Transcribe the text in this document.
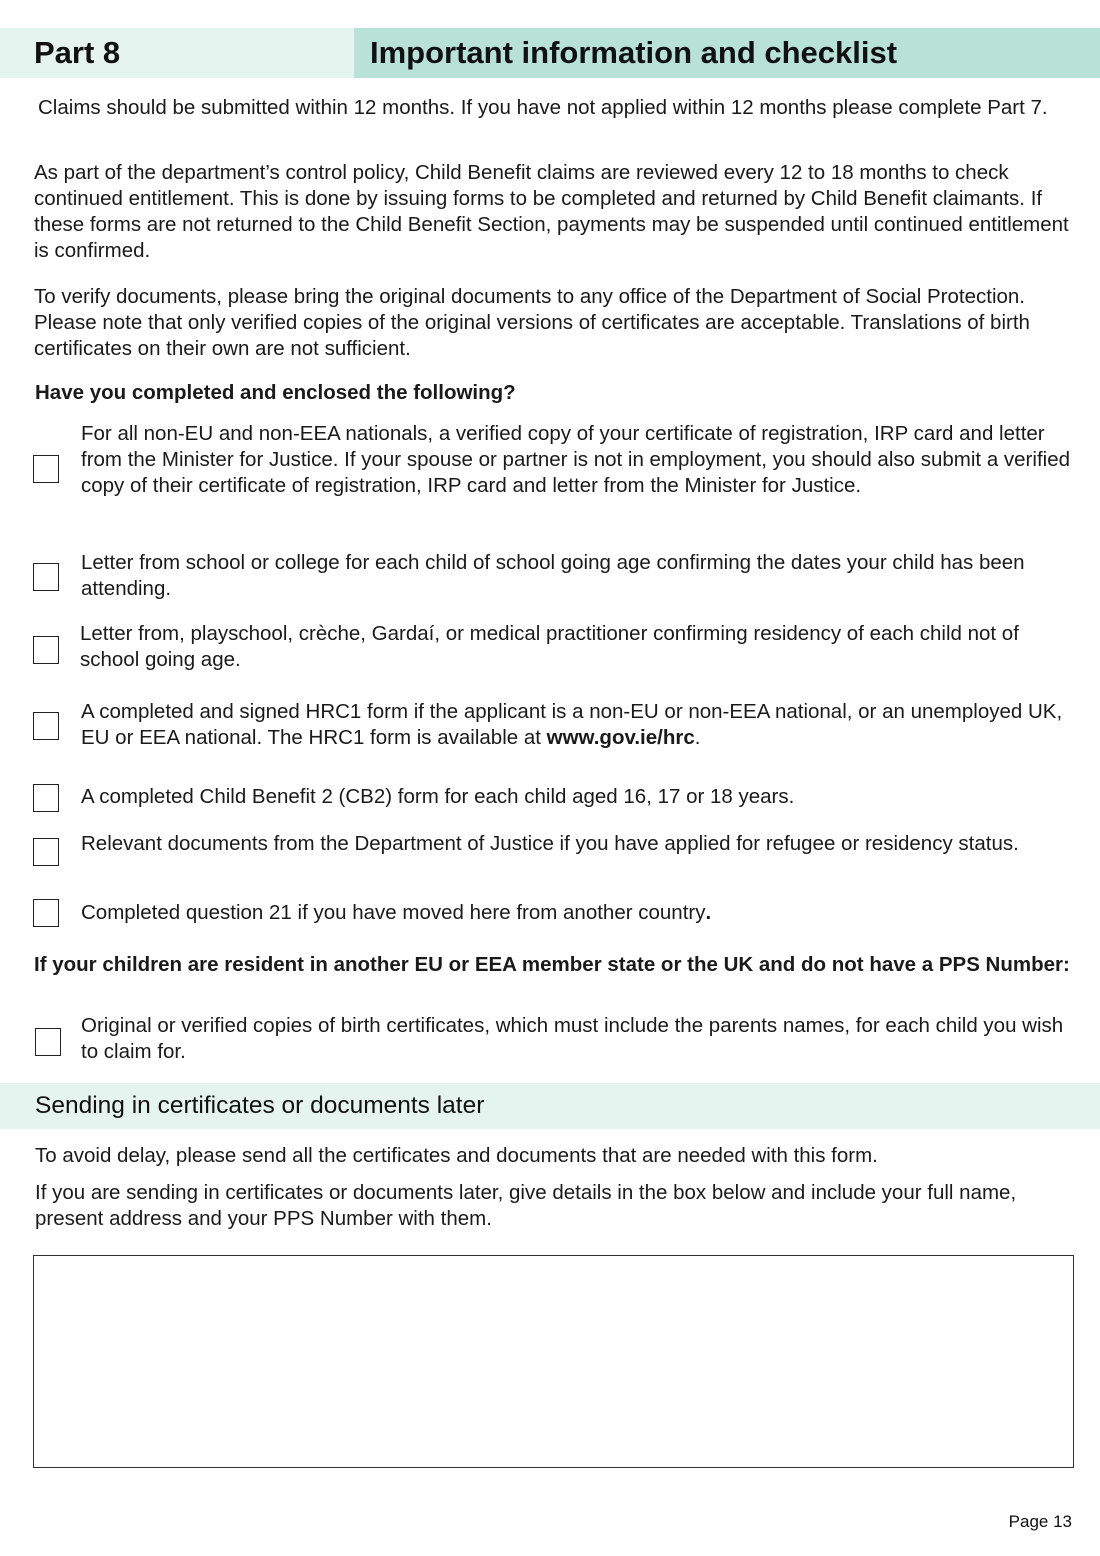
Part 8	Important information and checklist

Claims should be submitted within 12 months. If you have not applied within 12 months please complete Part 7.

As part of the department’s control policy, Child Benefit claims are reviewed every 12 to 18 months to check continued entitlement. This is done by issuing forms to be completed and returned by Child Benefit claimants. If these forms are not returned to the Child Benefit Section, payments may be suspended until continued entitlement is confirmed.

To verify documents, please bring the original documents to any office of the Department of Social Protection. Please note that only verified copies of the original versions of certificates are acceptable. Translations of birth certificates on their own are not sufficient.

Have you completed and enclosed the following?

For all non-EU and non-EEA nationals, a verified copy of your certificate of registration, IRP card and letter from the Minister for Justice. If your spouse or partner is not in employment, you should also submit a verified copy of their certificate of registration, IRP card and letter from the Minister for Justice.

Letter from school or college for each child of school going age confirming the dates your child has been attending.

Letter from, playschool, crèche, Gardaí, or medical practitioner confirming residency of each child not of school going age.

A completed and signed HRC1 form if the applicant is a non-EU or non-EEA national, or an unemployed UK, EU or EEA national. The HRC1 form is available at www.gov.ie/hrc.

A completed Child Benefit 2 (CB2) form for each child aged 16, 17 or 18 years.

Relevant documents from the Department of Justice if you have applied for refugee or residency status.

Completed question 21 if you have moved here from another country.

If your children are resident in another EU or EEA member state or the UK and do not have a PPS Number:

Original or verified copies of birth certificates, which must include the parents names, for each child you wish to claim for.

Sending in certificates or documents later

To avoid delay, please send all the certificates and documents that are needed with this form.

If you are sending in certificates or documents later, give details in the box below and include your full name, present address and your PPS Number with them.

Page 13
